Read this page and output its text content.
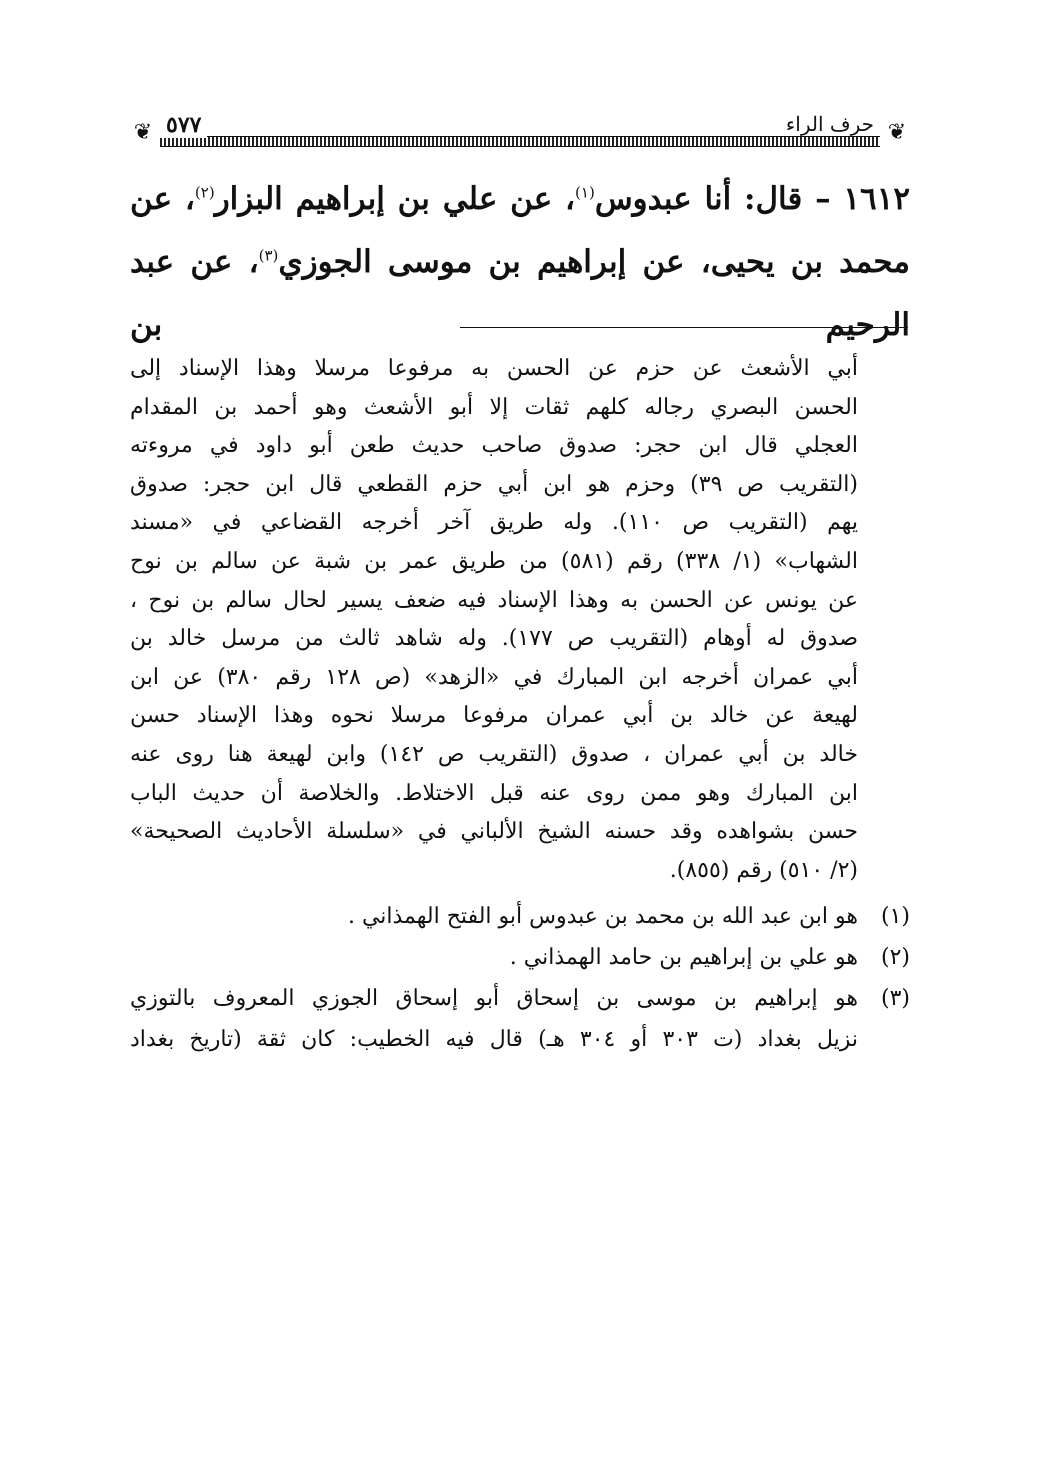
❦	❦
٥٧٧	حرف الراء

١٦١٢ – قال: أنا عبدوس$^{(١)}$، عن علي بن إبراهيم البزار$^{(٢)}$، عن

محمد بن يحيى، عن إبراهيم بن موسى الجوزي$^{(٣)}$، عن عبد الرحيم بن

أبي الأشعث عن حزم عن الحسن به مرفوعا مرسلا وهذا الإسناد إلى
الحسن البصري رجاله كلهم ثقات إلا أبو الأشعث وهو أحمد بن المقدام
العجلي قال ابن حجر: صدوق صاحب حديث طعن أبو داود في مروءته
(التقريب ص ٣٩) وحزم هو ابن أبي حزم القطعي قال ابن حجر: صدوق
يهم (التقريب ص ١١٠). وله طريق آخر أخرجه القضاعي في «مسند
الشهاب» (١/ ٣٣٨) رقم (٥٨١) من طريق عمر بن شبة عن سالم بن نوح
عن يونس عن الحسن به وهذا الإسناد فيه ضعف يسير لحال سالم بن نوح ،
صدوق له أوهام (التقريب ص ١٧٧). وله شاهد ثالث من مرسل خالد بن
أبي عمران أخرجه ابن المبارك في «الزهد» (ص ١٢٨ رقم ٣٨٠) عن ابن
لهيعة عن خالد بن أبي عمران مرفوعا مرسلا نحوه وهذا الإسناد حسن
خالد بن أبي عمران ، صدوق (التقريب ص ١٤٢) وابن لهيعة هنا روى عنه
ابن المبارك وهو ممن روى عنه قبل الاختلاط. والخلاصة أن حديث الباب
حسن بشواهده وقد حسنه الشيخ الألباني في «سلسلة الأحاديث الصحيحة»
(٢/ ٥١٠) رقم (٨٥٥).
(١)
هو ابن عبد الله بن محمد بن عبدوس أبو الفتح الهمذاني .
(٢)
هو علي بن إبراهيم بن حامد الهمذاني .
(٣)
هو إبراهيم بن موسى بن إسحاق أبو إسحاق الجوزي المعروف بالتوزي
نزيل بغداد (ت ٣٠٣ أو ٣٠٤ هـ) قال فيه الخطيب: كان ثقة (تاريخ بغداد
